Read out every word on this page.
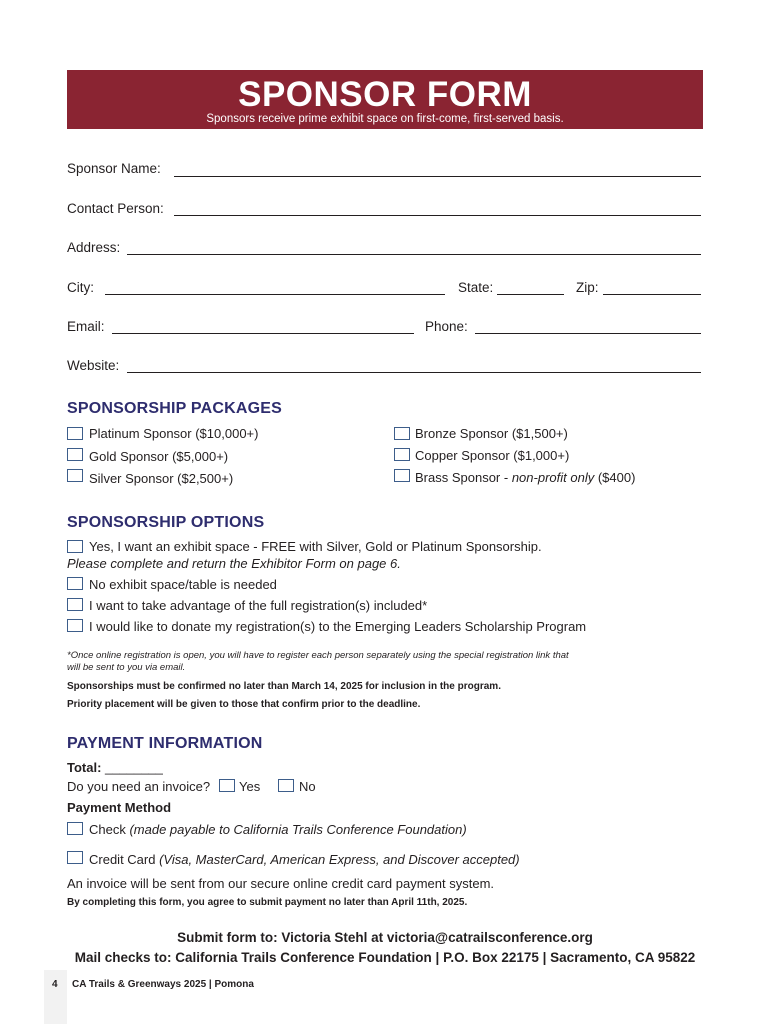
SPONSOR FORM
Sponsors receive prime exhibit space on first-come, first-served basis.
Sponsor Name:
Contact Person:
Address:
City:	State:	Zip:
Email:	Phone:
Website:
SPONSORSHIP PACKAGES
Platinum Sponsor ($10,000+)
Gold Sponsor ($5,000+)
Silver Sponsor ($2,500+)
Bronze Sponsor ($1,500+)
Copper Sponsor ($1,000+)
Brass Sponsor - non-profit only ($400)
SPONSORSHIP OPTIONS
Yes, I want an exhibit space - FREE with Silver, Gold or Platinum Sponsorship.
Please complete and return the Exhibitor Form on page 6.
No exhibit space/table is needed
I want to take advantage of the full registration(s) included*
I would like to donate my registration(s) to the Emerging Leaders Scholarship Program
*Once online registration is open, you will have to register each person separately using the special registration link that
will be sent to you via email.
Sponsorships must be confirmed no later than March 14, 2025 for inclusion in the program.
Priority placement will be given to those that confirm prior to the deadline.
PAYMENT INFORMATION
Total: ________
Do you need an invoice? Yes	No
Payment Method
Check (made payable to California Trails Conference Foundation)
Credit Card (Visa, MasterCard, American Express, and Discover accepted)
An invoice will be sent from our secure online credit card payment system.
By completing this form, you agree to submit payment no later than April 11th, 2025.
Submit form to: Victoria Stehl at victoria@catrailsconference.org
Mail checks to: California Trails Conference Foundation | P.O. Box 22175 | Sacramento, CA 95822
4 CA Trails & Greenways 2025 | Pomona
